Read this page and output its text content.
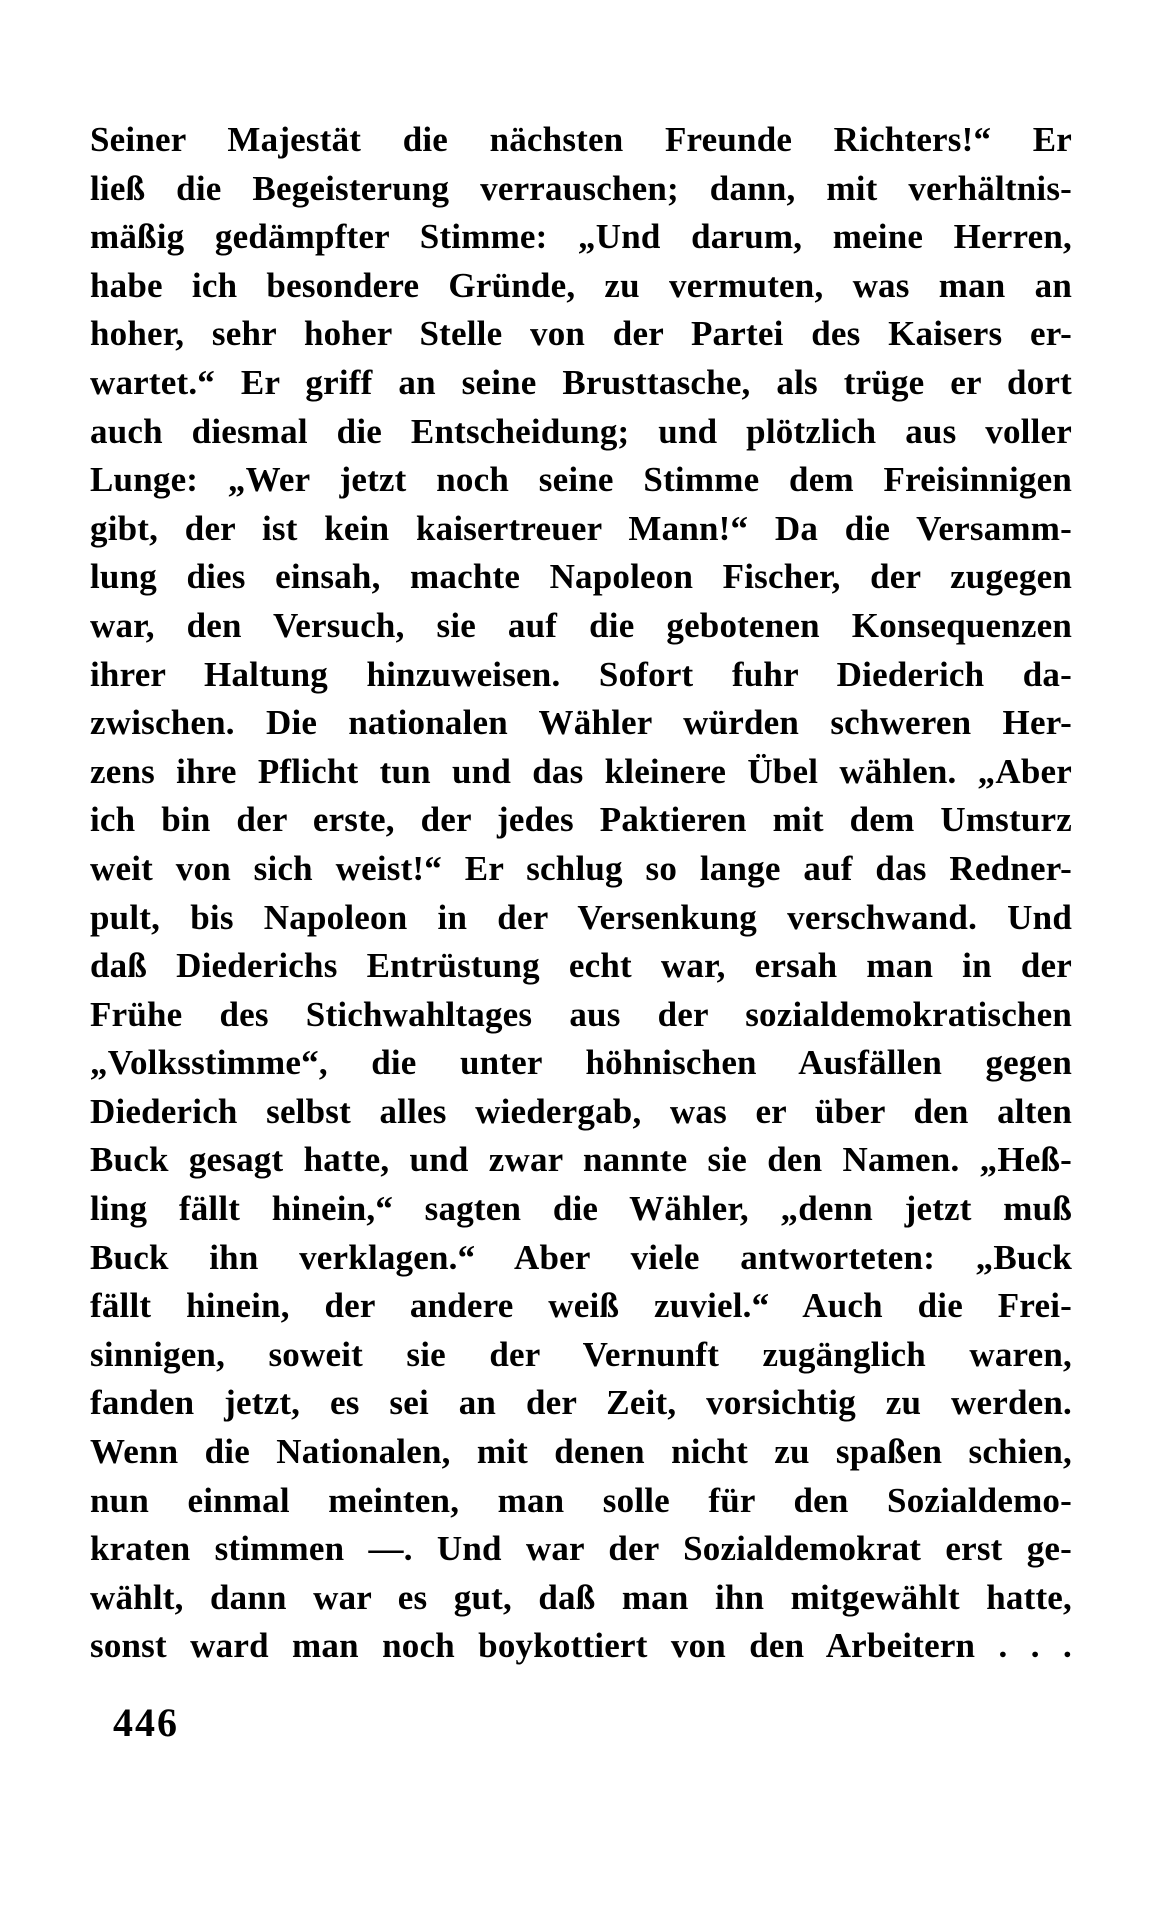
Seiner Majestät die nächsten Freunde Richters!“ Er
ließ die Begeisterung verrauschen; dann, mit verhältnis-
mäßig gedämpfter Stimme: „Und darum, meine Herren,
habe ich besondere Gründe, zu vermuten, was man an
hoher, sehr hoher Stelle von der Partei des Kaisers er-
wartet.“ Er griff an seine Brusttasche, als trüge er dort
auch diesmal die Entscheidung; und plötzlich aus voller
Lunge: „Wer jetzt noch seine Stimme dem Freisinnigen
gibt, der ist kein kaisertreuer Mann!“ Da die Versamm-
lung dies einsah, machte Napoleon Fischer, der zugegen
war, den Versuch, sie auf die gebotenen Konsequenzen
ihrer Haltung hinzuweisen. Sofort fuhr Diederich da-
zwischen. Die nationalen Wähler würden schweren Her-
zens ihre Pflicht tun und das kleinere Übel wählen. „Aber
ich bin der erste, der jedes Paktieren mit dem Umsturz
weit von sich weist!“ Er schlug so lange auf das Redner-
pult, bis Napoleon in der Versenkung verschwand. Und
daß Diederichs Entrüstung echt war, ersah man in der
Frühe des Stichwahltages aus der sozialdemokratischen
„Volksstimme“, die unter höhnischen Ausfällen gegen
Diederich selbst alles wiedergab, was er über den alten
Buck gesagt hatte, und zwar nannte sie den Namen. „Heß-
ling fällt hinein,“ sagten die Wähler, „denn jetzt muß
Buck ihn verklagen.“ Aber viele antworteten: „Buck
fällt hinein, der andere weiß zuviel.“ Auch die Frei-
sinnigen, soweit sie der Vernunft zugänglich waren,
fanden jetzt, es sei an der Zeit, vorsichtig zu werden.
Wenn die Nationalen, mit denen nicht zu spaßen schien,
nun einmal meinten, man solle für den Sozialdemo-
kraten stimmen —. Und war der Sozialdemokrat erst ge-
wählt, dann war es gut, daß man ihn mitgewählt hatte,
sonst ward man noch boykottiert von den Arbeitern . . .
446
